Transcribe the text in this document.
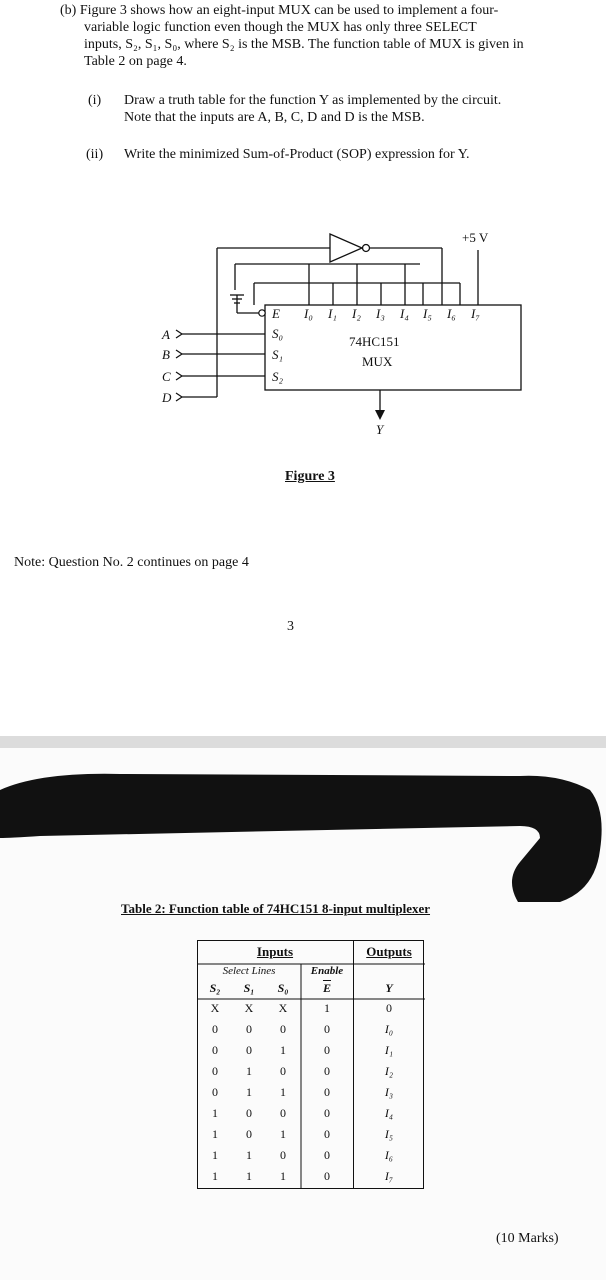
(b) Figure 3 shows how an eight-input MUX can be used to implement a four-
variable logic function even though the MUX has only three SELECT
inputs, S₂, S₁, S₀, where S₂ is the MSB. The function table of MUX is given in
Table 2 on page 4.
(i) Draw a truth table for the function Y as implemented by the circuit.
Note that the inputs are A, B, C, D and D is the MSB.
(ii) Write the minimized Sum-of-Product (SOP) expression for Y.
+5 V
E I₀ I₁ I₂ I₃ I₄ I₅ I₆ I₇
S₀
S₁
S₂
74HC151
MUX
Y
A
B
C
D
Figure 3
Note: Question No. 2 continues on page 4
3
Table 2: Function table of 74HC151 8-input multiplexer
Inputs				Outputs
Select Lines			Enable	
S₂	S₁	S₀	$\overline{E}$	Y
X	X	X	1	0
0	0	0	0	I₀
0	0	1	0	I₁
0	1	0	0	I₂
0	1	1	0	I₃
1	0	0	0	I₄
1	0	1	0	I₅
1	1	0	0	I₆
1	1	1	0	I₇
(10 Marks)
